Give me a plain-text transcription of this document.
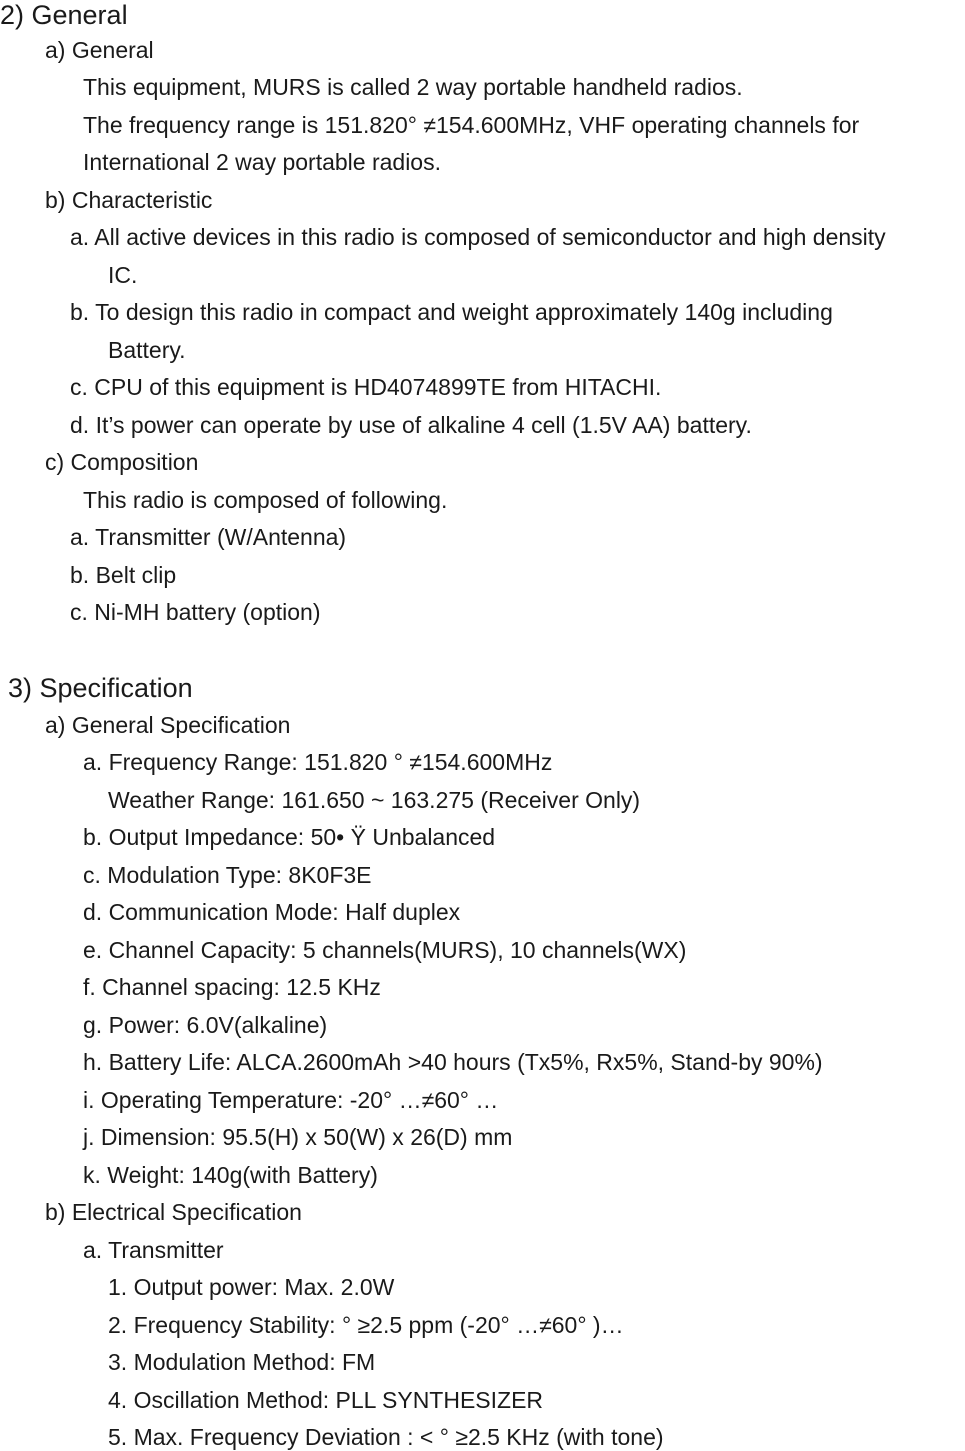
2) General
a) General
This equipment, MURS is called 2 way portable handheld radios.
The frequency range is 151.820° ≠154.600MHz, VHF operating channels for
International 2 way portable radios.
b) Characteristic
a. All active devices in this radio is composed of semiconductor and high density
IC.
b. To design this radio in compact and weight approximately 140g including
Battery.
c. CPU of this equipment is HD4074899TE from HITACHI.
d. It’s power can operate by use of alkaline 4 cell (1.5V AA) battery.
c) Composition
This radio is composed of following.
a. Transmitter (W/Antenna)
b. Belt clip
c. Ni-MH battery (option)
3) Specification
a) General Specification
a. Frequency Range: 151.820 ° ≠154.600MHz
Weather Range: 161.650 ~ 163.275 (Receiver Only)
b. Output Impedance: 50• Ÿ Unbalanced
c. Modulation Type: 8K0F3E
d. Communication Mode: Half duplex
e. Channel Capacity: 5 channels(MURS), 10 channels(WX)
f. Channel spacing: 12.5 KHz
g. Power: 6.0V(alkaline)
h. Battery Life: ALCA.2600mAh >40 hours (Tx5%, Rx5%, Stand-by 90%)
i. Operating Temperature: -20° …≠60° …
j. Dimension: 95.5(H) x 50(W) x 26(D) mm
k. Weight: 140g(with Battery)
b) Electrical Specification
a. Transmitter
1. Output power: Max. 2.0W
2. Frequency Stability: ° ≥2.5 ppm (-20° …≠60° )…
3. Modulation Method: FM
4. Oscillation Method: PLL SYNTHESIZER
5. Max. Frequency Deviation : < ° ≥2.5 KHz (with tone)
